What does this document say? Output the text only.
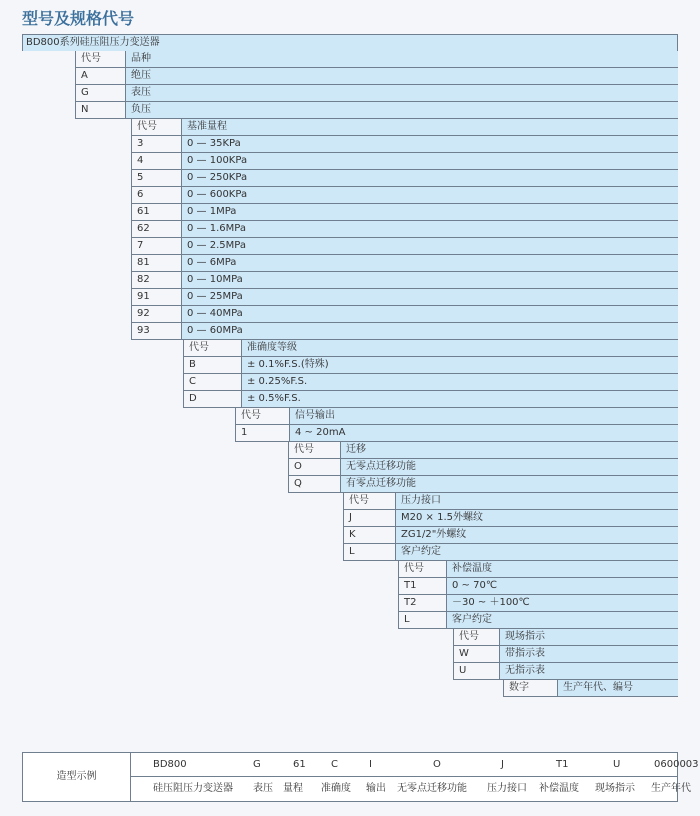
型号及规格代号
BD800系列硅压阻压力变送器
代号	品种
A	绝压
G	表压
N	负压
代号	基准量程
3	0 — 35KPa
4	0 — 100KPa
5	0 — 250KPa
6	0 — 600KPa
61	0 — 1MPa
62	0 — 1.6MPa
7	0 — 2.5MPa
81	0 — 6MPa
82	0 — 10MPa
91	0 — 25MPa
92	0 — 40MPa
93	0 — 60MPa
代号	准确度等级
B	± 0.1%F.S.(特殊)
C	± 0.25%F.S.
D	± 0.5%F.S.
代号	信号输出
1	4 ~ 20mA
代号	迁移
O	无零点迁移功能
Q	有零点迁移功能
代号	压力接口
J	M20 × 1.5外螺纹
K	ZG1/2"外螺纹
L	客户约定
代号	补偿温度
T1	0 ~ 70℃
T2	－30 ~ ＋100℃
L	客户约定
代号	现场指示
W	带指示表
U	无指示表
数字	生产年代、编号
造型示例
BD800	G	61	C	I	O	J	T1	U	0600003
硅压阻压力变送器 表压 量程 准确度 输出 无零点迁移功能 压力接口 补偿温度 现场指示 生产年代
